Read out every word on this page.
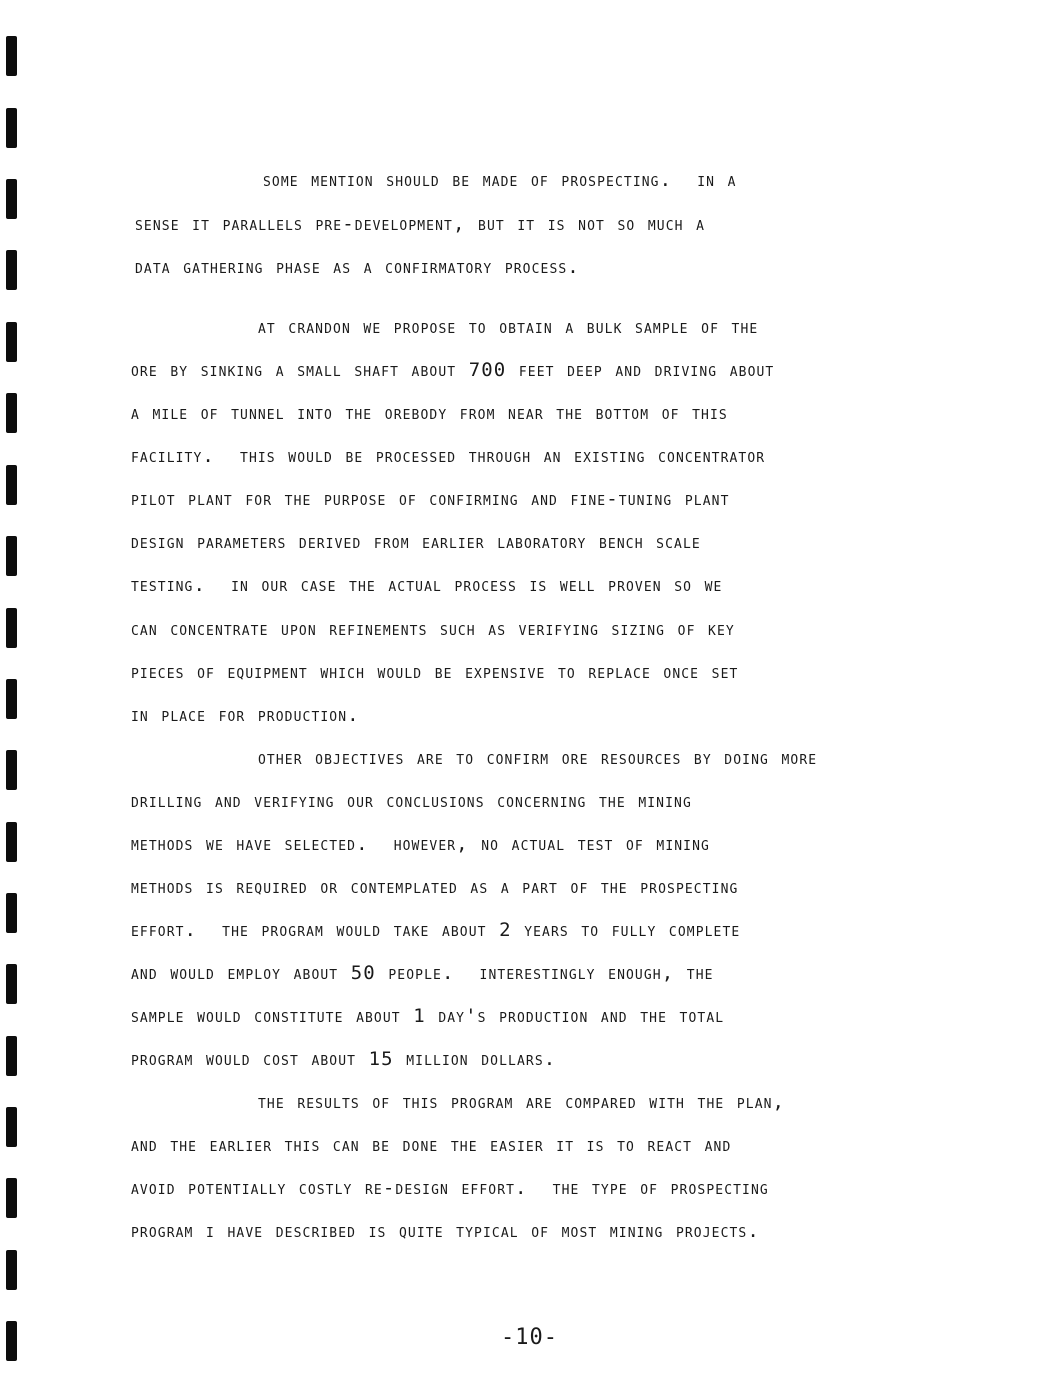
some mention should be made of prospecting.  in a
sense it parallels pre-development, but it is not so much a
data gathering phase as a confirmatory process.
at crandon we propose to obtain a bulk sample of the
ore by sinking a small shaft about 700 feet deep and driving about
a mile of tunnel into the orebody from near the bottom of this
facility.  this would be processed through an existing concentrator
pilot plant for the purpose of confirming and fine-tuning plant
design parameters derived from earlier laboratory bench scale
testing.  in our case the actual process is well proven so we
can concentrate upon refinements such as verifying sizing of key
pieces of equipment which would be expensive to replace once set
in place for production.
other objectives are to confirm ore resources by doing more
drilling and verifying our conclusions concerning the mining
methods we have selected.  however, no actual test of mining
methods is required or contemplated as a part of the prospecting
effort.  the program would take about 2 years to fully complete
and would employ about 50 people.  interestingly enough, the
sample would constitute about 1 day's production and the total
program would cost about 15 million dollars.
the results of this program are compared with the plan,
and the earlier this can be done the easier it is to react and
avoid potentially costly re-design effort.  the type of prospecting
program i have described is quite typical of most mining projects.
-10-
